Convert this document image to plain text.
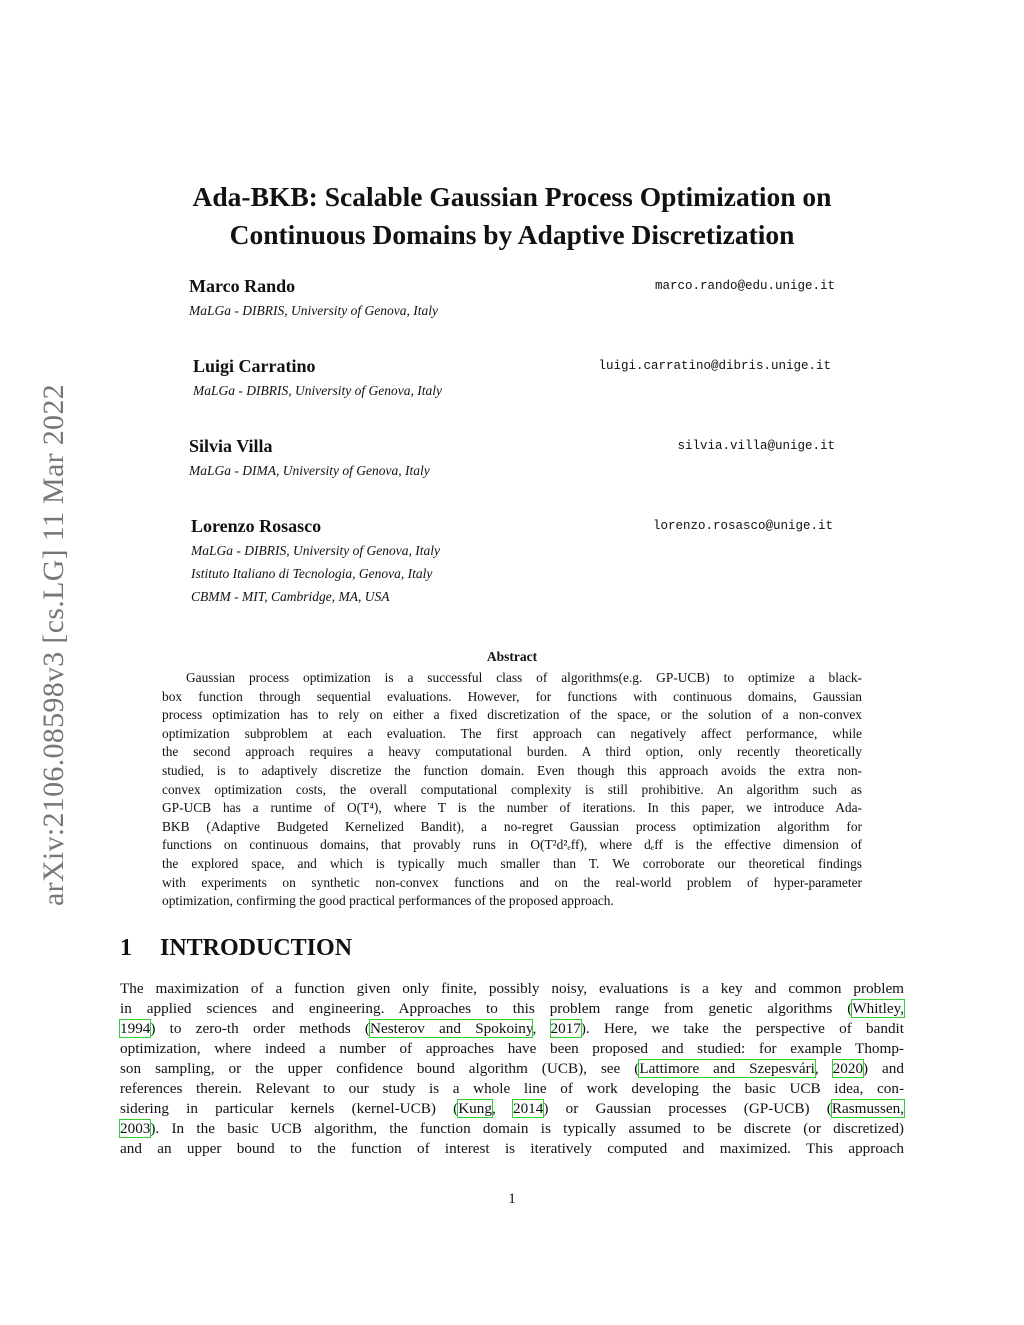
arXiv:2106.08598v3 [cs.LG] 11 Mar 2022
Ada-BKB: Scalable Gaussian Process Optimization on
Continuous Domains by Adaptive Discretization
Marco Rando	marco.rando@edu.unige.it
MaLGa - DIBRIS, University of Genova, Italy
Luigi Carratino	luigi.carratino@dibris.unige.it
MaLGa - DIBRIS, University of Genova, Italy
Silvia Villa	silvia.villa@unige.it
MaLGa - DIMA, University of Genova, Italy
Lorenzo Rosasco	lorenzo.rosasco@unige.it
MaLGa - DIBRIS, University of Genova, Italy
Istituto Italiano di Tecnologia, Genova, Italy
CBMM - MIT, Cambridge, MA, USA
Abstract
Gaussian process optimization is a successful class of algorithms(e.g. GP-UCB) to optimize a black-
box function through sequential evaluations. However, for functions with continuous domains, Gaussian
process optimization has to rely on either a fixed discretization of the space, or the solution of a non-convex
optimization subproblem at each evaluation. The first approach can negatively affect performance, while
the second approach requires a heavy computational burden. A third option, only recently theoretically
studied, is to adaptively discretize the function domain. Even though this approach avoids the extra non-
convex optimization costs, the overall computational complexity is still prohibitive. An algorithm such as
GP-UCB has a runtime of O(T⁴), where T is the number of iterations. In this paper, we introduce Ada-
BKB (Adaptive Budgeted Kernelized Bandit), a no-regret Gaussian process optimization algorithm for
functions on continuous domains, that provably runs in O(T²d²ₑff), where dₑff is the effective dimension of
the explored space, and which is typically much smaller than T. We corroborate our theoretical findings
with experiments on synthetic non-convex functions and on the real-world problem of hyper-parameter
optimization, confirming the good practical performances of the proposed approach.
1 INTRODUCTION
The maximization of a function given only finite, possibly noisy, evaluations is a key and common problem
in applied sciences and engineering. Approaches to this problem range from genetic algorithms (Whitley,
1994) to zero-th order methods (Nesterov and Spokoiny, 2017). Here, we take the perspective of bandit
optimization, where indeed a number of approaches have been proposed and studied: for example Thomp-
son sampling, or the upper confidence bound algorithm (UCB), see (Lattimore and Szepesvári, 2020) and
references therein. Relevant to our study is a whole line of work developing the basic UCB idea, con-
sidering in particular kernels (kernel-UCB) (Kung, 2014) or Gaussian processes (GP-UCB) (Rasmussen,
2003). In the basic UCB algorithm, the function domain is typically assumed to be discrete (or discretized)
and an upper bound to the function of interest is iteratively computed and maximized. This approach
1
